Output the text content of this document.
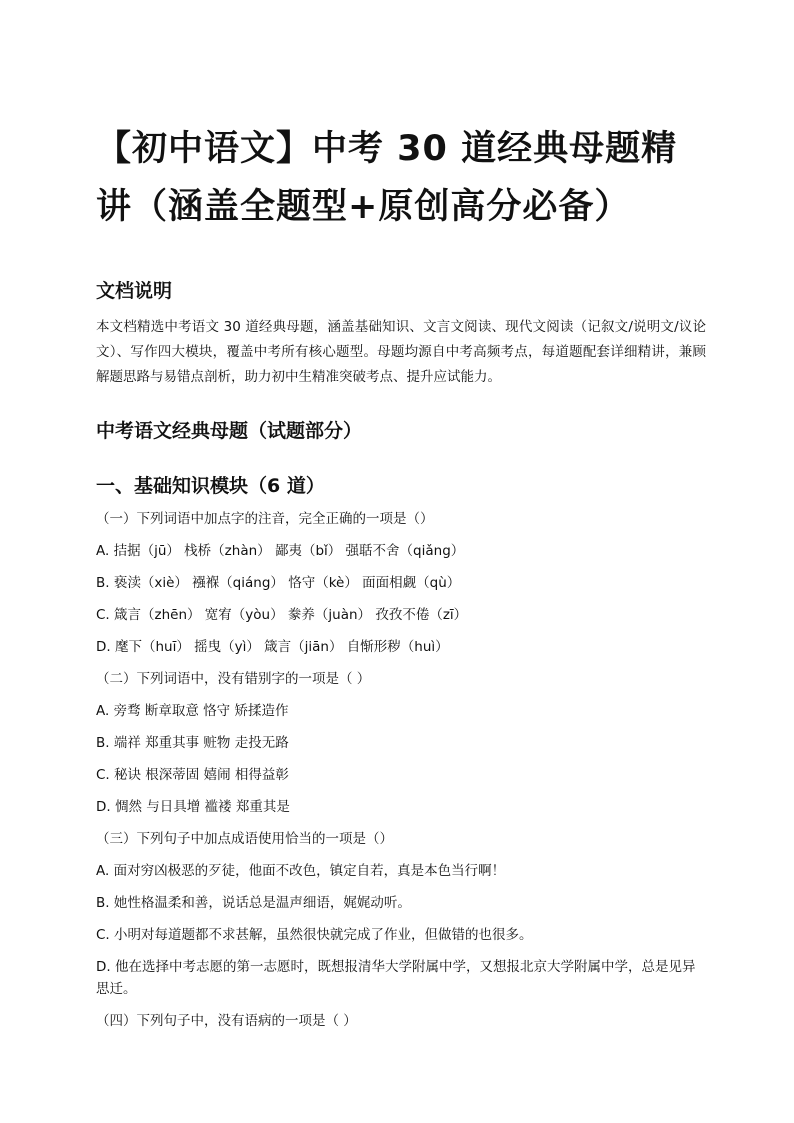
【初中语文】中考 30 道经典母题精讲（涵盖全题型+原创高分必备）
文档说明

本文档精选中考语文 30 道经典母题，涵盖基础知识、文言文阅读、现代文阅读（记叙文/说明文/议论文）、写作四大模块，覆盖中考所有核心题型。母题均源自中考高频考点，每道题配套详细精讲，兼顾解题思路与易错点剖析，助力初中生精准突破考点、提升应试能力。

中考语文经典母题（试题部分）
一、基础知识模块（6 道）

（一）下列词语中加点字的注音，完全正确的一项是（）

A. 拮据（jū） 栈桥（zhàn） 鄙夷（bǐ） 强聒不舍（qiǎng）

B. 亵渎（xiè） 襁褓（qiáng） 恪守（kè） 面面相觑（qù）

C. 箴言（zhēn） 宽宥（yòu） 豢养（juàn） 孜孜不倦（zī）

D. 麾下（huī） 摇曳（yì） 箴言（jiān） 自惭形秽（huì）

（二）下列词语中，没有错别字的一项是（ ）

A. 旁骛 断章取意 恪守 矫揉造作

B. 端祥 郑重其事 赃物 走投无路

C. 秘诀 根深蒂固 嬉闹 相得益彰

D. 惆然 与日具增 褴褛 郑重其是

（三）下列句子中加点成语使用恰当的一项是（）

A. 面对穷凶极恶的歹徒，他面不改色，镇定自若，真是本色当行啊！

B. 她性格温柔和善，说话总是温声细语，娓娓动听。

C. 小明对每道题都不求甚解，虽然很快就完成了作业，但做错的也很多。

D. 他在选择中考志愿的第一志愿时，既想报清华大学附属中学，又想报北京大学附属中学，总是见异思迁。

（四）下列句子中，没有语病的一项是（ ）
